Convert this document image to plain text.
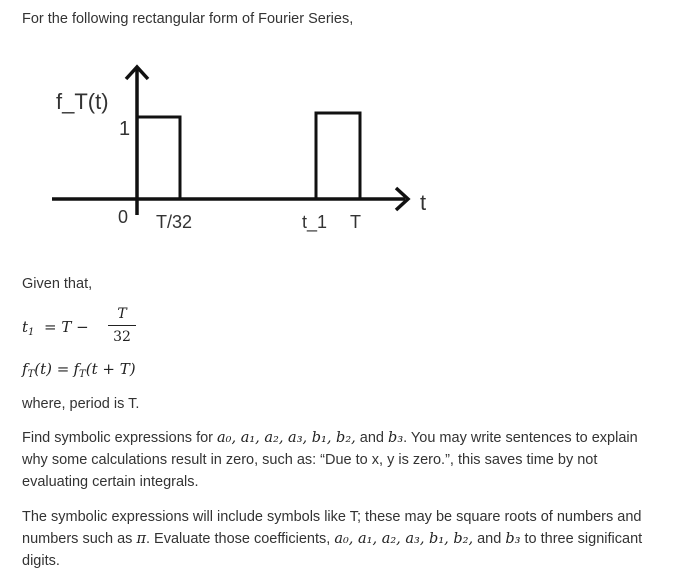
For the following rectangular form of Fourier Series,
f_T(t)
1
0 T/32	t_1 T
t
Given that,
$t_1 = T$ −
T
32
$f_T(t) = f_T(t + T)$
where, period is T.
Find symbolic expressions for a₀, a₁, a₂, a₃, b₁, b₂, and b₃. You may write sentences to explain
why some calculations result in zero, such as: “Due to x, y is zero.”, this saves time by not
evaluating certain integrals.
The symbolic expressions will include symbols like T; these may be square roots of numbers and
numbers such as π. Evaluate those coefficients, a₀, a₁, a₂, a₃, b₁, b₂, and b₃ to three significant
digits.
